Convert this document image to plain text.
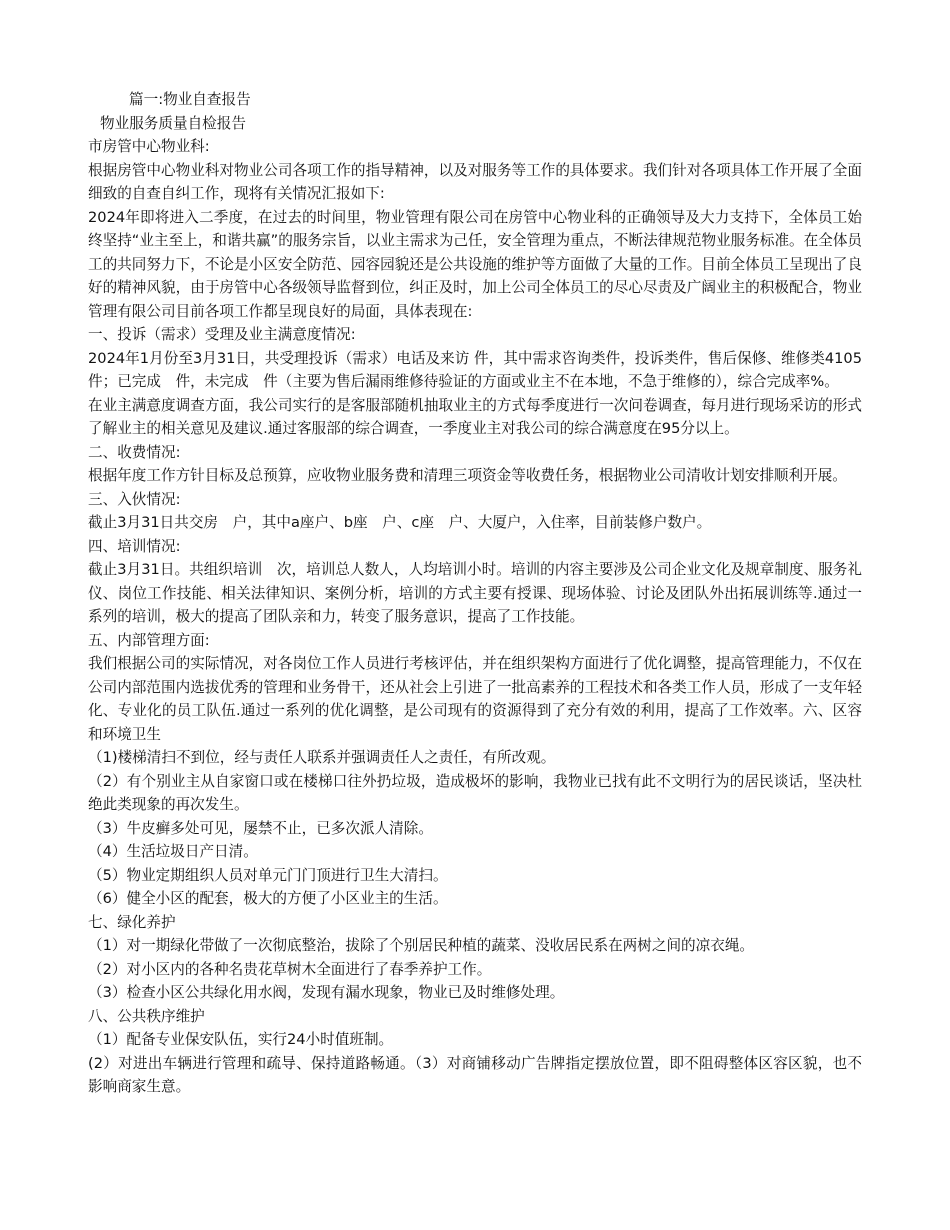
篇一:物业自查报告
物业服务质量自检报告
市房管中心物业科:
根据房管中心物业科对物业公司各项工作的指导精神，以及对服务等工作的具体要求。我们针对各项具体工作开展了全面细致的自查自纠工作，现将有关情况汇报如下:
2024年即将进入二季度，在过去的时间里，物业管理有限公司在房管中心物业科的正确领导及大力支持下，全体员工始终坚持“业主至上，和谐共赢”的服务宗旨，以业主需求为己任，安全管理为重点，不断法律规范物业服务标准。在全体员工的共同努力下，不论是小区安全防范、园容园貌还是公共设施的维护等方面做了大量的工作。目前全体员工呈现出了良好的精神风貌，由于房管中心各级领导监督到位，纠正及时，加上公司全体员工的尽心尽责及广阔业主的积极配合，物业管理有限公司目前各项工作都呈现良好的局面，具体表现在:
一、投诉（需求）受理及业主满意度情况:
2024年1月份至3月31日，共受理投诉（需求）电话及来访 件，其中需求咨询类件，投诉类件，售后保修、维修类4105件；已完成　件，未完成　件（主要为售后漏雨维修待验证的方面或业主不在本地，不急于维修的），综合完成率%。
在业主满意度调查方面，我公司实行的是客服部随机抽取业主的方式每季度进行一次问卷调查，每月进行现场采访的形式了解业主的相关意见及建议.通过客服部的综合调查，一季度业主对我公司的综合满意度在95分以上。
二、收费情况:
根据年度工作方针目标及总预算，应收物业服务费和清理三项资金等收费任务，根据物业公司清收计划安排顺利开展。
三、入伙情况:
截止3月31日共交房　户，其中a座户、b座　户、c座　户、大厦户，入住率，目前装修户数户。
四、培训情况:
截止3月31日。共组织培训　次，培训总人数人，人均培训小时。培训的内容主要涉及公司企业文化及规章制度、服务礼仪、岗位工作技能、相关法律知识、案例分析，培训的方式主要有授课、现场体验、讨论及团队外出拓展训练等.通过一系列的培训，极大的提高了团队亲和力，转变了服务意识，提高了工作技能。
五、内部管理方面:
我们根据公司的实际情况，对各岗位工作人员进行考核评估，并在组织架构方面进行了优化调整，提高管理能力，不仅在公司内部范围内选拔优秀的管理和业务骨干，还从社会上引进了一批高素养的工程技术和各类工作人员，形成了一支年轻化、专业化的员工队伍.通过一系列的优化调整，是公司现有的资源得到了充分有效的利用，提高了工作效率。六、区容和环境卫生
（1)楼梯清扫不到位，经与责任人联系并强调责任人之责任，有所改观。
（2）有个别业主从自家窗口或在楼梯口往外扔垃圾，造成极坏的影响，我物业已找有此不文明行为的居民谈话，坚决杜绝此类现象的再次发生。
（3）牛皮癣多处可见，屡禁不止，已多次派人清除。
（4）生活垃圾日产日清。
（5）物业定期组织人员对单元门门顶进行卫生大清扫。
（6）健全小区的配套，极大的方便了小区业主的生活。
七、绿化养护
（1）对一期绿化带做了一次彻底整治，拔除了个别居民种植的蔬菜、没收居民系在两树之间的凉衣绳。
（2）对小区内的各种名贵花草树木全面进行了春季养护工作。
（3）检查小区公共绿化用水阀，发现有漏水现象，物业已及时维修处理。
八、公共秩序维护
（1）配备专业保安队伍，实行24小时值班制。
(2）对进出车辆进行管理和疏导、保持道路畅通。（3）对商铺移动广告牌指定摆放位置，即不阻碍整体区容区貌，也不影响商家生意。
